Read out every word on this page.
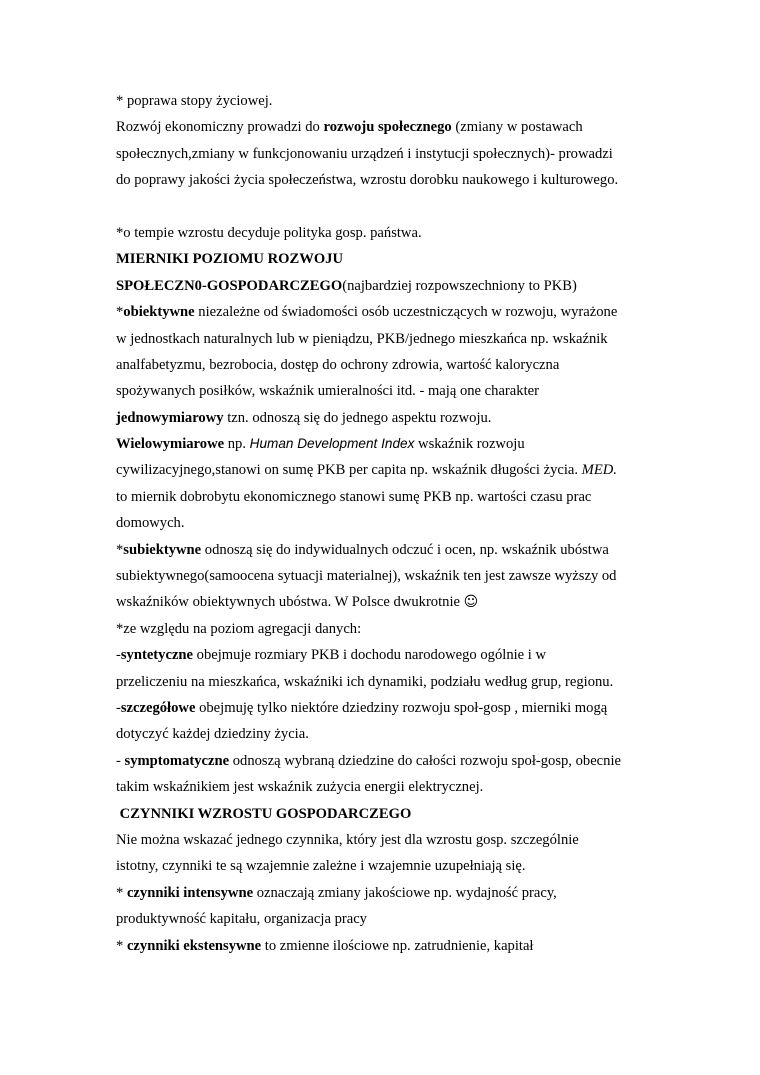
* poprawa stopy życiowej.
Rozwój ekonomiczny prowadzi do rozwoju społecznego (zmiany w postawach
społecznych,zmiany w funkcjonowaniu urządzeń i instytucji społecznych)- prowadzi
do poprawy jakości życia społeczeństwa, wzrostu dorobku naukowego i kulturowego.
*o tempie wzrostu decyduje polityka gosp. państwa.
MIERNIKI POZIOMU ROZWOJU
SPOŁECZN0-GOSPODARCZEGO(najbardziej rozpowszechniony to PKB)
*obiektywne niezależne od świadomości osób uczestniczących w rozwoju, wyrażone
w jednostkach naturalnych lub w pieniądzu, PKB/jednego mieszkańca np. wskaźnik
analfabetyzmu, bezrobocia, dostęp do ochrony zdrowia, wartość kaloryczna
spożywanych posiłków, wskaźnik umieralności itd. - mają one charakter
jednowymiarowy tzn. odnoszą się do jednego aspektu rozwoju.
Wielowymiarowe np. Human Development Index wskaźnik rozwoju
cywilizacyjnego,stanowi on sumę PKB per capita np. wskaźnik długości życia. MED.
to miernik dobrobytu ekonomicznego stanowi sumę PKB np. wartości czasu prac
domowych.
*subiektywne odnoszą się do indywidualnych odczuć i ocen, np. wskaźnik ubóstwa
subiektywnego(samoocena sytuacji materialnej), wskaźnik ten jest zawsze wyższy od
wskaźników obiektywnych ubóstwa. W Polsce dwukrotnie ☺
*ze względu na poziom agregacji danych:
-syntetyczne obejmuje rozmiary PKB i dochodu narodowego ogólnie i w
przeliczeniu na mieszkańca, wskaźniki ich dynamiki, podziału według grup, regionu.
-szczegółowe obejmuję tylko niektóre dziedziny rozwoju społ-gosp , mierniki mogą
dotyczyć każdej dziedziny życia.
- symptomatyczne odnoszą wybraną dziedzine do całości rozwoju społ-gosp, obecnie
takim wskaźnikiem jest wskaźnik zużycia energii elektrycznej.
CZYNNIKI WZROSTU GOSPODARCZEGO
Nie można wskazać jednego czynnika, który jest dla wzrostu gosp. szczególnie
istotny, czynniki te są wzajemnie zależne i wzajemnie uzupełniają się.
* czynniki intensywne oznaczają zmiany jakościowe np. wydajność pracy,
produktywność kapitału, organizacja pracy
* czynniki ekstensywne to zmienne ilościowe np. zatrudnienie, kapitał
